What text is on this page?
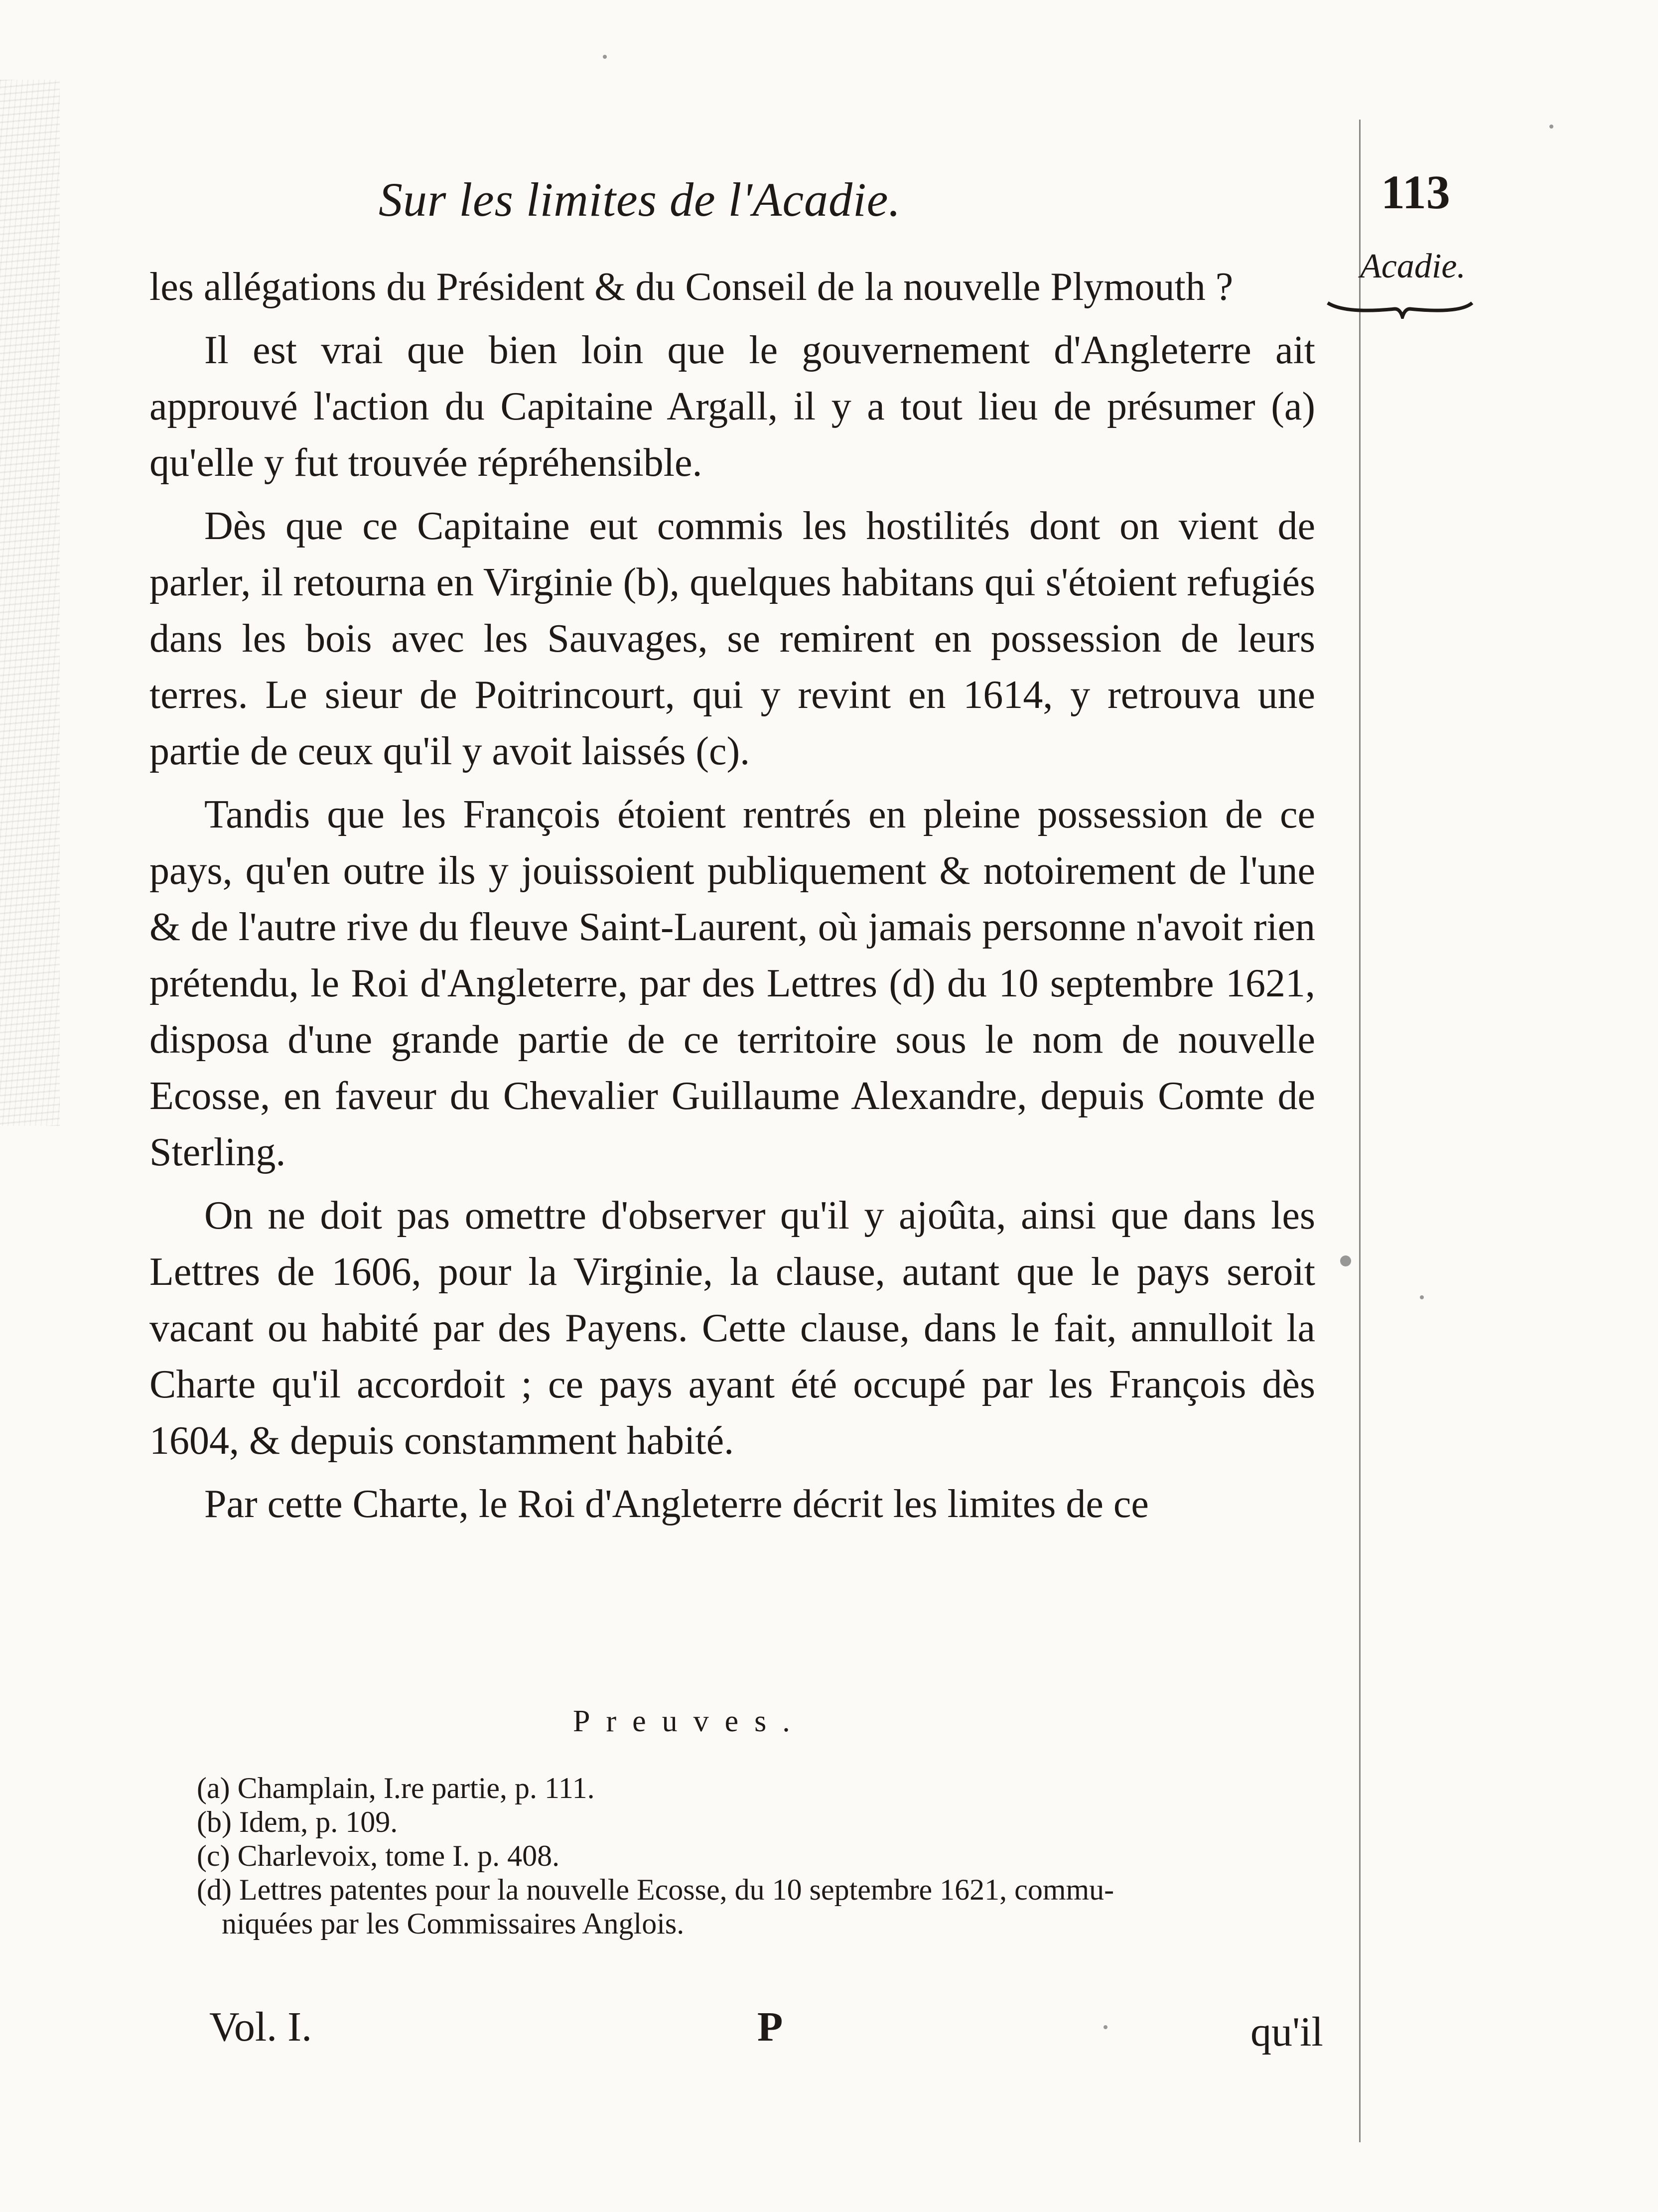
Sur les limites de l'Acadie.	113
Acadie.

les allégations du Président & du Conseil de la nouvelle Plymouth ?

Il est vrai que bien loin que le gouvernement d'Angleterre ait approuvé l'action du Capitaine Argall, il y a tout lieu de présumer (a) qu'elle y fut trouvée répréhensible.

Dès que ce Capitaine eut commis les hostilités dont on vient de parler, il retourna en Virginie (b), quelques habitans qui s'étoient refugiés dans les bois avec les Sauvages, se remirent en possession de leurs terres. Le sieur de Poitrincourt, qui y revint en 1614, y retrouva une partie de ceux qu'il y avoit laissés (c).

Tandis que les François étoient rentrés en pleine possession de ce pays, qu'en outre ils y jouissoient publiquement & notoirement de l'une & de l'autre rive du fleuve Saint-Laurent, où jamais personne n'avoit rien prétendu, le Roi d'Angleterre, par des Lettres (d) du 10 septembre 1621, disposa d'une grande partie de ce territoire sous le nom de nouvelle Ecosse, en faveur du Chevalier Guillaume Alexandre, depuis Comte de Sterling.

On ne doit pas omettre d'observer qu'il y ajoûta, ainsi que dans les Lettres de 1606, pour la Virginie, la clause, autant que le pays seroit vacant ou habité par des Payens. Cette clause, dans le fait, annulloit la Charte qu'il accordoit ; ce pays ayant été occupé par les François dès 1604, & depuis constamment habité.

Par cette Charte, le Roi d'Angleterre décrit les limites de ce

Preuves.
(a) Champlain, I.re partie, p. 111.
(b) Idem, p. 109.
(c) Charlevoix, tome I. p. 408.
(d) Lettres patentes pour la nouvelle Ecosse, du 10 septembre 1621, commu-
niquées par les Commissaires Anglois.
Vol. I.	P	qu'il
